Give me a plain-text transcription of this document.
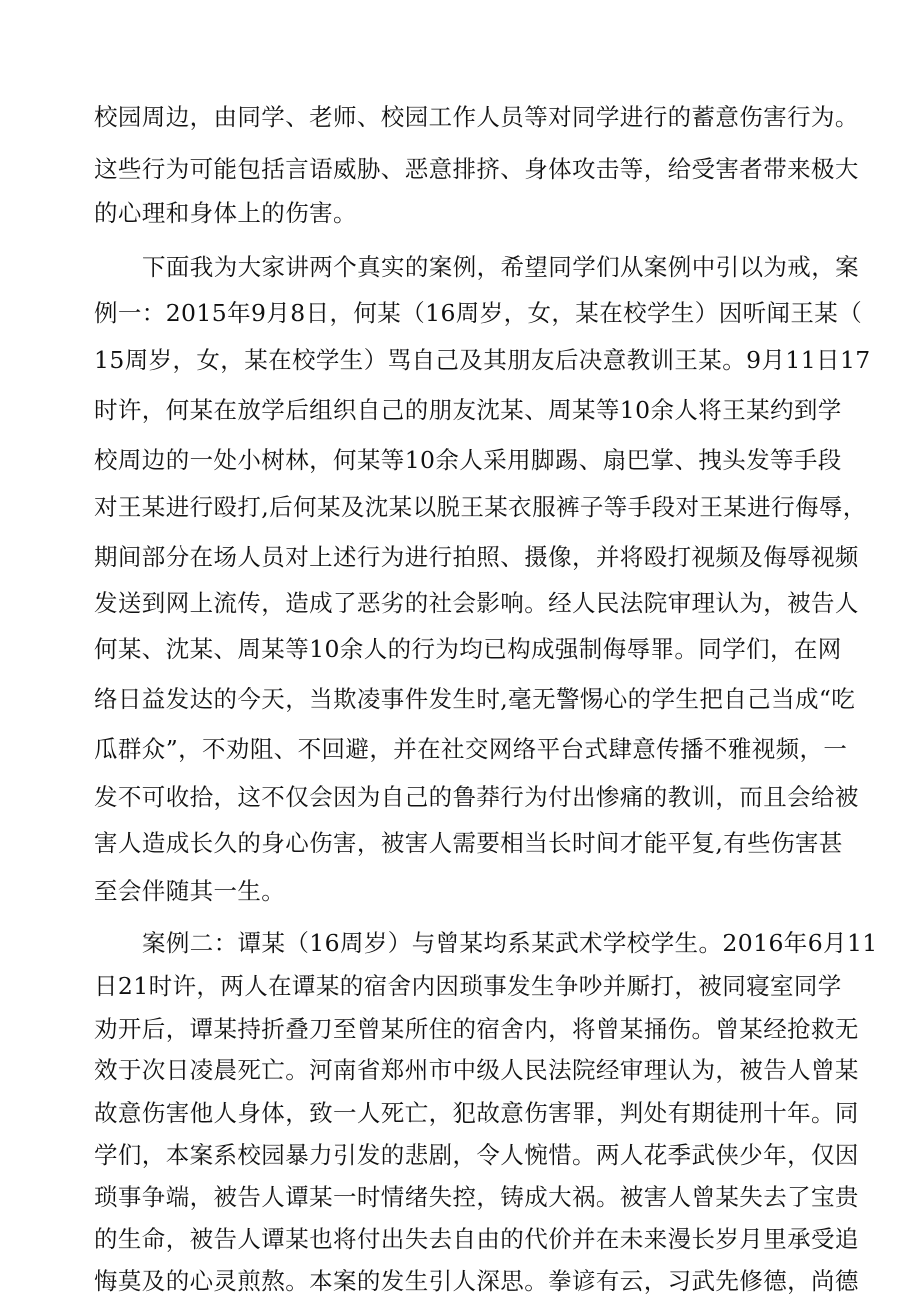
校园周边，由同学、老师、校园工作人员等对同学进行的蓄意伤害行为。
这些行为可能包括言语威胁、恶意排挤、身体攻击等，给受害者带来极大
的心理和身体上的伤害。
下面我为大家讲两个真实的案例，希望同学们从案例中引以为戒，案
例一：2015年9月8日，何某（16周岁，女，某在校学生）因听闻王某（
15周岁，女，某在校学生）骂自己及其朋友后决意教训王某。9月11日17
时许，何某在放学后组织自己的朋友沈某、周某等10余人将王某约到学
校周边的一处小树林，何某等10余人采用脚踢、扇巴掌、拽头发等手段
对王某进行殴打,后何某及沈某以脱王某衣服裤子等手段对王某进行侮辱，
期间部分在场人员对上述行为进行拍照、摄像，并将殴打视频及侮辱视频
发送到网上流传，造成了恶劣的社会影响。经人民法院审理认为，被告人
何某、沈某、周某等10余人的行为均已构成强制侮辱罪。同学们，在网
络日益发达的今天，当欺凌事件发生时,毫无警惕心的学生把自己当成“吃
瓜群众”，不劝阻、不回避，并在社交网络平台式肆意传播不雅视频，一
发不可收拾，这不仅会因为自己的鲁莽行为付出惨痛的教训，而且会给被
害人造成长久的身心伤害，被害人需要相当长时间才能平复,有些伤害甚
至会伴随其一生。
案例二：谭某（16周岁）与曾某均系某武术学校学生。2016年6月11
日21时许，两人在谭某的宿舍内因琐事发生争吵并厮打，被同寝室同学
劝开后，谭某持折叠刀至曾某所住的宿舍内，将曾某捅伤。曾某经抢救无
效于次日凌晨死亡。河南省郑州市中级人民法院经审理认为，被告人曾某
故意伤害他人身体，致一人死亡，犯故意伤害罪，判处有期徒刑十年。同
学们，本案系校园暴力引发的悲剧，令人惋惜。两人花季武侠少年，仅因
琐事争端，被告人谭某一时情绪失控，铸成大祸。被害人曾某失去了宝贵
的生命，被告人谭某也将付出失去自由的代价并在未来漫长岁月里承受追
悔莫及的心灵煎熬。本案的发生引人深思。拳谚有云，习武先修德，尚德
